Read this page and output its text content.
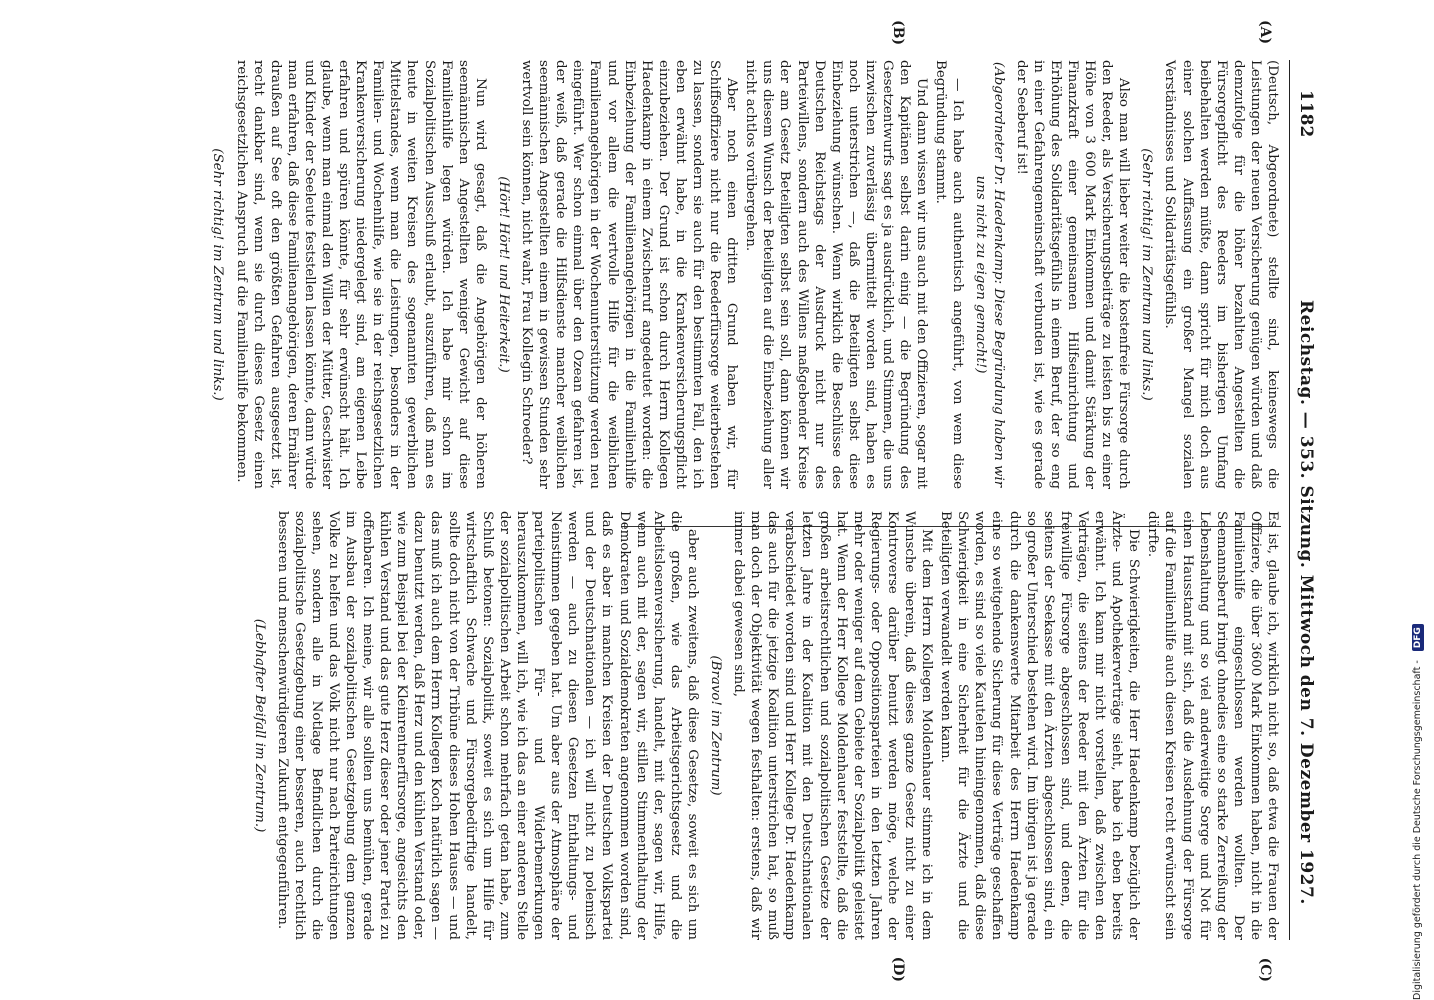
1182
Reichstag. — 353. Sitzung. Mittwoch den 7. Dezember 1927.
(A)
(B)

(Deutsch, Abgeordnete) stellte sind, keineswegs die Leistungen der neuen Versicherung genügen würden und daß demzufolge für die höher bezahlten Angestellten die Fürsorgepflicht des Reeders im bisherigen Umfang beibehalten werden müßte, dann spricht für mich doch aus einer solchen Auffassung ein großer Mangel sozialen Verständnisses und Solidaritätsgefühls.

(Sehr richtig! im Zentrum und links.)

Also man will lieber weiter die kostenfreie Fürsorge durch den Reeder, als Versicherungsbeiträge zu leisten bis zu einer Höhe von 3 600 Mark Einkommen und damit Stärkung der Finanzkraft einer gemeinsamen Hilfseinrichtung und Erhöhung des Solidaritätsgefühls in einem Beruf, der so eng in einer Gefahrengemeinschaft verbunden ist, wie es gerade der Seeberuf ist!

(Abgeordneter Dr. Haedenkamp: Diese Begründung haben wir uns nicht zu eigen gemacht!)

— Ich habe auch authentisch angeführt, von wem diese Begründung stammt.

Und dann wissen wir uns auch mit den Offizieren, sogar mit den Kapitänen selbst darin einig — die Begründung des Gesetzentwurfs sagt es ja ausdrücklich, und Stimmen, die uns inzwischen zuverlässig übermittelt worden sind, haben es noch unterstrichen —, daß die Beteiligten selbst diese Einbeziehung wünschen. Wenn wirklich die Beschlüsse des Deutschen Reichstags der Ausdruck nicht nur des Parteiwillens, sondern auch des Willens maßgebender Kreise der am Gesetz Beteiligten selbst sein soll, dann können wir uns diesem Wunsch der Beteiligten auf die Einbeziehung aller nicht achtlos vorübergehen.

Aber noch einen dritten Grund haben wir, für Schiffsoffiziere nicht nur die Reederfürsorge weiterbestehen zu lassen, sondern sie auch für den bestimmten Fall, den ich eben erwähnt habe, in die Krankenversicherungspflicht einzubeziehen. Der Grund ist schon durch Herrn Kollegen Haedenkamp in einem Zwischenruf angedeutet worden: die Einbeziehung der Familienangehörigen in die Familienhilfe und vor allem die wertvolle Hilfe für die weiblichen Familienangehörigen in der Wochenunterstützung werden neu eingeführt. Wer schon einmal über den Ozean gefahren ist, der weiß, daß gerade die Hilfsdienste mancher weiblichen seemännischen Angestellten einem in gewissen Stunden sehr wertvoll sein können, nicht wahr, Frau Kollegin Schroeder?

(Hört! Hört! und Heiterkeit.)

Nun wird gesagt, daß die Angehörigen der höheren seemännischen Angestellten weniger Gewicht auf diese Familienhilfe legen würden. Ich habe mir schon im Sozialpolitischen Ausschuß erlaubt, auszuführen, daß man es heute in weiten Kreisen des sogenannten gewerblichen Mittelstandes, wenn man die Leistungen, besonders in der Familien- und Wochenhilfe, wie sie in der reichsgesetzlichen Krankenversicherung niedergelegt sind, am eigenen Leibe erfahren und spüren könnte, für sehr erwünscht hält. Ich glaube, wenn man einmal den Willen der Mütter, Geschwister und Kinder der Seeleute feststellen lassen könnte, dann würde man erfahren, daß diese Familienangehörigen, deren Ernährer draußen auf See oft den größten Gefahren ausgesetzt ist, recht dankbar sind, wenn sie durch dieses Gesetz einen reichsgesetzlichen Anspruch auf die Familienhilfe bekommen.

(Sehr richtig! im Zentrum und links.)

(C)
(D)

Es ist, glaube ich, wirklich nicht so, daß etwa die Frauen der Offiziere, die über 3600 Mark Einkommen haben, nicht in die Familienhilfe eingeschlossen werden wollten. Der Seemannsberuf bringt ohnedies eine so starke Zerreißung der Lebenshaltung und so viel anderweitige Sorge und Not für einen Hausstand mit sich, daß die Ausdehnung der Fürsorge auf die Familienhilfe auch diesen Kreisen recht erwünscht sein dürfte.

Die Schwierigkeiten, die Herr Haedenkamp bezüglich der Ärzte- und Apothekerverträge sieht, habe ich eben bereits erwähnt. Ich kann mir nicht vorstellen, daß zwischen den Verträgen, die seitens der Reeder mit den Ärzten für die freiwillige Fürsorge abgeschlossen sind, und denen, die seitens der Seekasse mit den Ärzten abgeschlossen sind, ein so großer Unterschied bestehen wird. Im übrigen ist ja gerade durch die dankenswerte Mitarbeit des Herrn Haedenkamp eine so weitgehende Sicherung für diese Verträge geschaffen worden, es sind so viele Kautelen hineingenommen, daß diese Schwierigkeit in eine Sicherheit für die Ärzte und die Beteiligten verwandelt werden kann.

Mit dem Herrn Kollegen Moldenhauer stimme ich in dem Wunsche überein, daß dieses ganze Gesetz nicht zu einer Kontroverse darüber benutzt werden möge, welche der Regierungs- oder Oppositionsparteien in den letzten Jahren mehr oder weniger auf dem Gebiete der Sozialpolitik geleistet hat. Wenn der Herr Kollege Moldenhauer feststellte, daß die großen arbeitsrechtlichen und sozialpolitischen Gesetze der letzten Jahre in der Koalition mit den Deutschnationalen verabschiedet worden sind und Herr Kollege Dr. Haedenkamp das auch für die jetzige Koalition unterstrichen hat, so muß man doch der Objektivität wegen festhalten: erstens, daß wir immer dabei gewesen sind,

(Bravo! im Zentrum)

aber auch zweitens, daß diese Gesetze, soweit es sich um die großen, wie das Arbeitsgerichtsgesetz und die Arbeitslosenversicherung, handelt, mit der, sagen wir, Hilfe, wenn auch mit der, sagen wir, stillen Stimmenthaltung der Demokraten und Sozialdemokraten angenommen worden sind, daß es aber in manchen Kreisen der Deutschen Volkspartei und der Deutschnationalen — ich will nicht zu polemisch werden — auch zu diesen Gesetzen Enthaltungs- und Neinstimmen gegeben hat. Um aber aus der Atmosphäre der parteipolitischen Für- und Widerbemerkungen herauszukommen, will ich, wie ich das an einer anderen Stelle der sozialpolitischen Arbeit schon mehrfach getan habe, zum Schluß betonen: Sozialpolitik, soweit es sich um Hilfe für wirtschaftlich Schwache und Fürsorgebedürftige handelt, sollte doch nicht von der Tribüne dieses Hohen Hauses — und das muß ich auch dem Herrn Kollegen Koch natürlich sagen — dazu benutzt werden, daß Herz und den kühlen Verstand oder, wie zum Beispiel bei der Kleinrentnerfürsorge, angesichts den kühlen Verstand und das gute Herz dieser oder jener Partei zu offenbaren. Ich meine, wir alle sollten uns bemühen, gerade im Ausbau der sozialpolitischen Gesetzgebung dem ganzen Volke zu helfen und das Volk nicht nur nach Parteirichtungen sehen, sondern alle in Notlage Befindlichen durch die sozialpolitische Gesetzgebung einer besseren, auch rechtlich besseren und menschenwürdigeren Zukunft entgegenführen.

(Lebhafter Beifall im Zentrum.)	Digitalisierung gefördert durch die Deutsche Forschungsgemeinschaft - DFG
